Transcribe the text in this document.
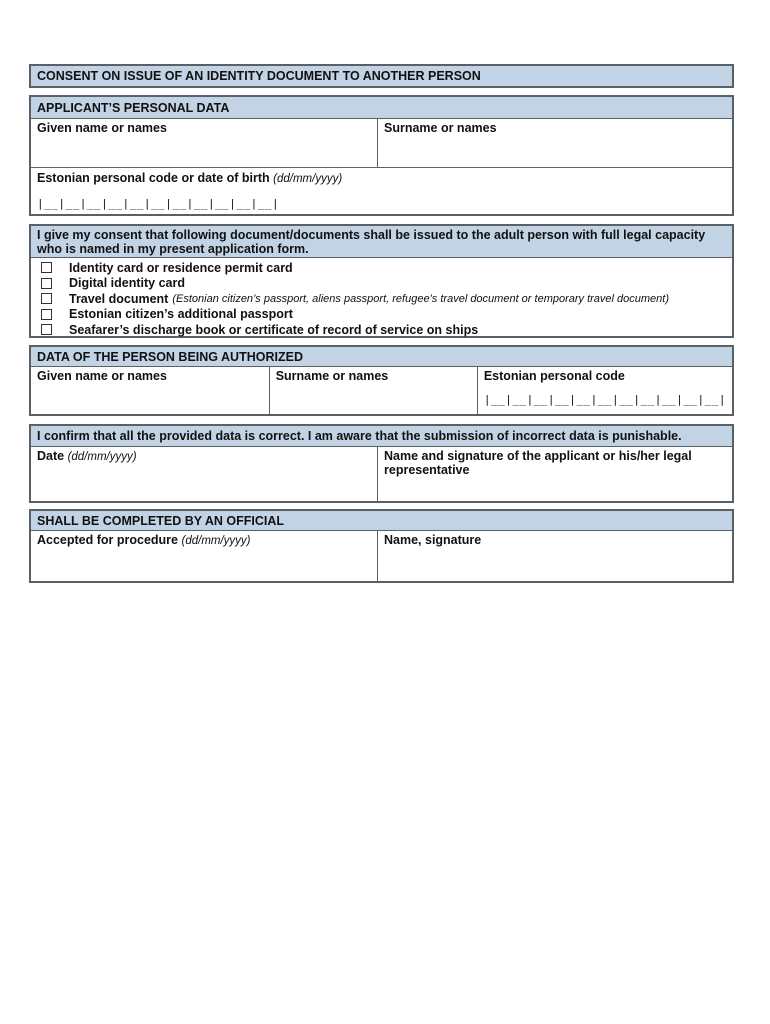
CONSENT ON ISSUE OF AN IDENTITY DOCUMENT TO ANOTHER PERSON
APPLICANT’S PERSONAL DATA
Given name or names	Surname or names
Estonian personal code or date of birth (dd/mm/yyyy)
|__|__|__|__|__|__|__|__|__|__|__|
I give my consent that following document/documents shall be issued to the adult person with full legal capacity who is named in my present application form.
Identity card or residence permit card
Digital identity card
Travel document (Estonian citizen’s passport, aliens passport, refugee’s travel document or temporary travel document)
Estonian citizen’s additional passport
Seafarer’s discharge book or certificate of record of service on ships
DATA OF THE PERSON BEING AUTHORIZED
Given name or names	Surname or names	Estonian personal code
|__|__|__|__|__|__|__|__|__|__|__|
I confirm that all the provided data is correct. I am aware that the submission of incorrect data is punishable.
Date (dd/mm/yyyy)	Name and signature of the applicant or his/her legal representative
SHALL BE COMPLETED BY AN OFFICIAL
Accepted for procedure (dd/mm/yyyy)	Name, signature
